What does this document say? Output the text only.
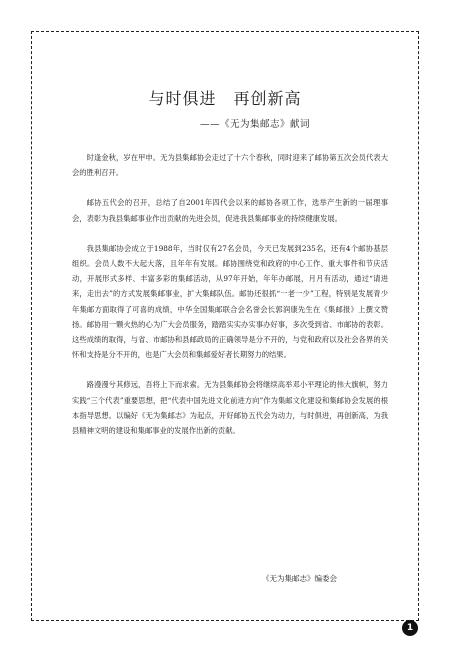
与时俱进　再创新高
——《无为集邮志》献词

时逢金秋，岁在甲申。无为县集邮协会走过了十六个春秋，同时迎来了邮协第五次会员代表大会的胜利召开。

邮协五代会的召开，总结了自2001年四代会以来的邮协各项工作，选举产生新的一届理事会，表彰为我县集邮事业作出贡献的先进会员，促进我县集邮事业的持续健康发展。

我县集邮协会成立于1988年，当时仅有27名会员，今天已发展到235名，还有4个邮协基层组织。会员人数不大起大落，且年年有发展。邮协围绕党和政府的中心工作、重大事件和节庆活动，开展形式多样、丰富多彩的集邮活动，从97年开始，年年办邮展，月月有活动，通过“请进来，走出去”的方式发展集邮事业，扩大集邮队伍。邮协还很抓“一老一少”工程，特别是发展青少年集邮方面取得了可喜的成绩，中华全国集邮联合会名誉会长郭润康先生在《集邮报》上撰文赞扬。邮协用一颗火热的心为广大会员服务，踏踏实实办实事办好事，多次受到省、市邮协的表彰。这些成绩的取得，与省、市邮协和县邮政局的正确领导是分不开的，与党和政府以及社会各界的关怀和支持是分不开的，也是广大会员和集邮爱好者长期努力的结果。

路漫漫兮其修远，吾将上下而求索。无为县集邮协会将继续高举邓小平理论的伟大旗帜，努力实践“三个代表”重要思想，把“代表中国先进文化前进方向”作为集邮文化建设和集邮协会发展的根本指导思想。以编好《无为集邮志》为起点，开好邮协五代会为动力，与时俱进，再创新高，为我县精神文明的建设和集邮事业的发展作出新的贡献。

《无为集邮志》编委会
1
